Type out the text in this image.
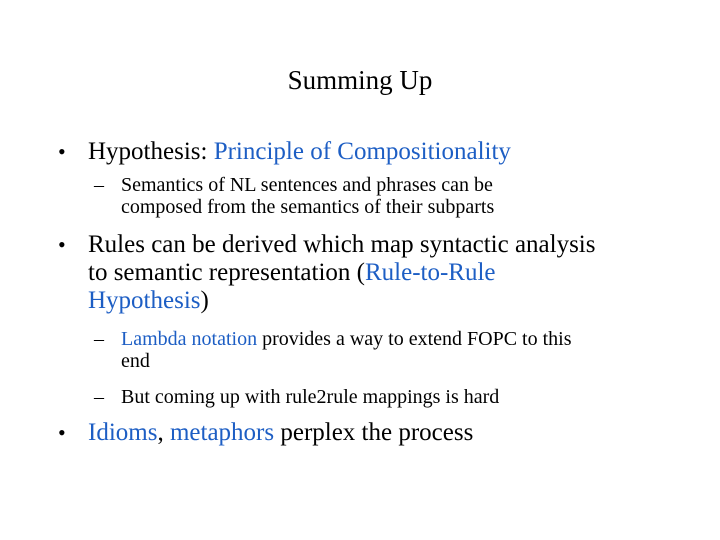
Summing Up
• Hypothesis: Principle of Compositionality
– Semantics of NL sentences and phrases can be
composed from the semantics of their subparts
• Rules can be derived which map syntactic analysis
to semantic representation (Rule-to-Rule
Hypothesis)
– Lambda notation provides a way to extend FOPC to this
end
– But coming up with rule2rule mappings is hard
• Idioms, metaphors perplex the process
